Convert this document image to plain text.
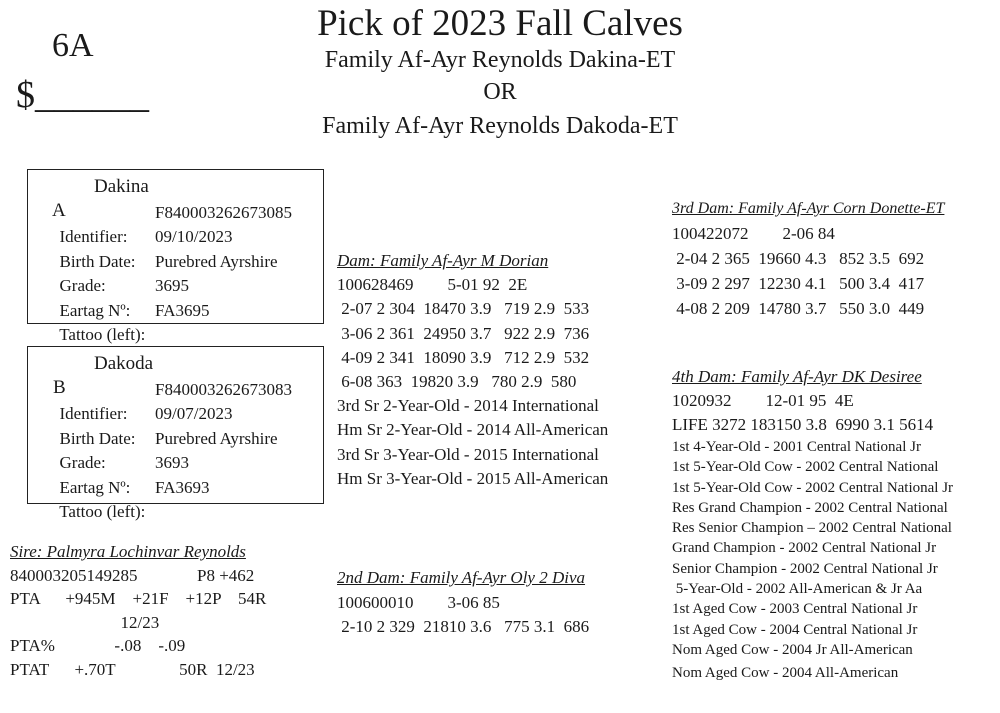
6A
$______
Pick of 2023 Fall Calves
Family Af-Ayr Reynolds Dakina-ET
OR
Family Af-Ayr Reynolds Dakoda-ET

A

Dakina

Identifier:

F840003262673085

Birth Date:

09/10/2023

Grade:

Purebred Ayrshire

Eartag Nº:

3695

Tattoo (left):

FA3695

B

Dakoda

Identifier:

F840003262673083

Birth Date:

09/07/2023

Grade:

Purebred Ayrshire

Eartag Nº:

3693

Tattoo (left):

FA3693

Sire: Palmyra Lochinvar Reynolds
840003205149285              P8 +462
PTA      +945M    +21F    +12P    54R
12/23
PTA%              -.08    -.09
PTAT      +.70T               50R  12/23
Dam: Family Af-Ayr M Dorian
100628469        5-01 92  2E
2-07 2 304  18470 3.9   719 2.9  533
3-06 2 361  24950 3.7   922 2.9  736
4-09 2 341  18090 3.9   712 2.9  532
6-08 363  19820 3.9   780 2.9  580
3rd Sr 2-Year-Old - 2014 International
Hm Sr 2-Year-Old - 2014 All-American
3rd Sr 3-Year-Old - 2015 International
Hm Sr 3-Year-Old - 2015 All-American
2nd Dam: Family Af-Ayr Oly 2 Diva
100600010        3-06 85
2-10 2 329  21810 3.6   775 3.1  686
3rd Dam: Family Af-Ayr Corn Donette-ET
100422072        2-06 84
2-04 2 365  19660 4.3   852 3.5  692
3-09 2 297  12230 4.1   500 3.4  417
4-08 2 209  14780 3.7   550 3.0  449
4th Dam: Family Af-Ayr DK Desiree
1020932        12-01 95  4E
LIFE 3272 183150 3.8  6990 3.1 5614
1st 4-Year-Old - 2001 Central National Jr
1st 5-Year-Old Cow - 2002 Central National
1st 5-Year-Old Cow - 2002 Central National Jr
Res Grand Champion - 2002 Central National
Res Senior Champion – 2002 Central National
Grand Champion - 2002 Central National Jr
Senior Champion - 2002 Central National Jr
5-Year-Old - 2002 All-American & Jr Aa
1st Aged Cow - 2003 Central National Jr
1st Aged Cow - 2004 Central National Jr
Nom Aged Cow - 2004 Jr All-American
Nom Aged Cow - 2004 All-American
